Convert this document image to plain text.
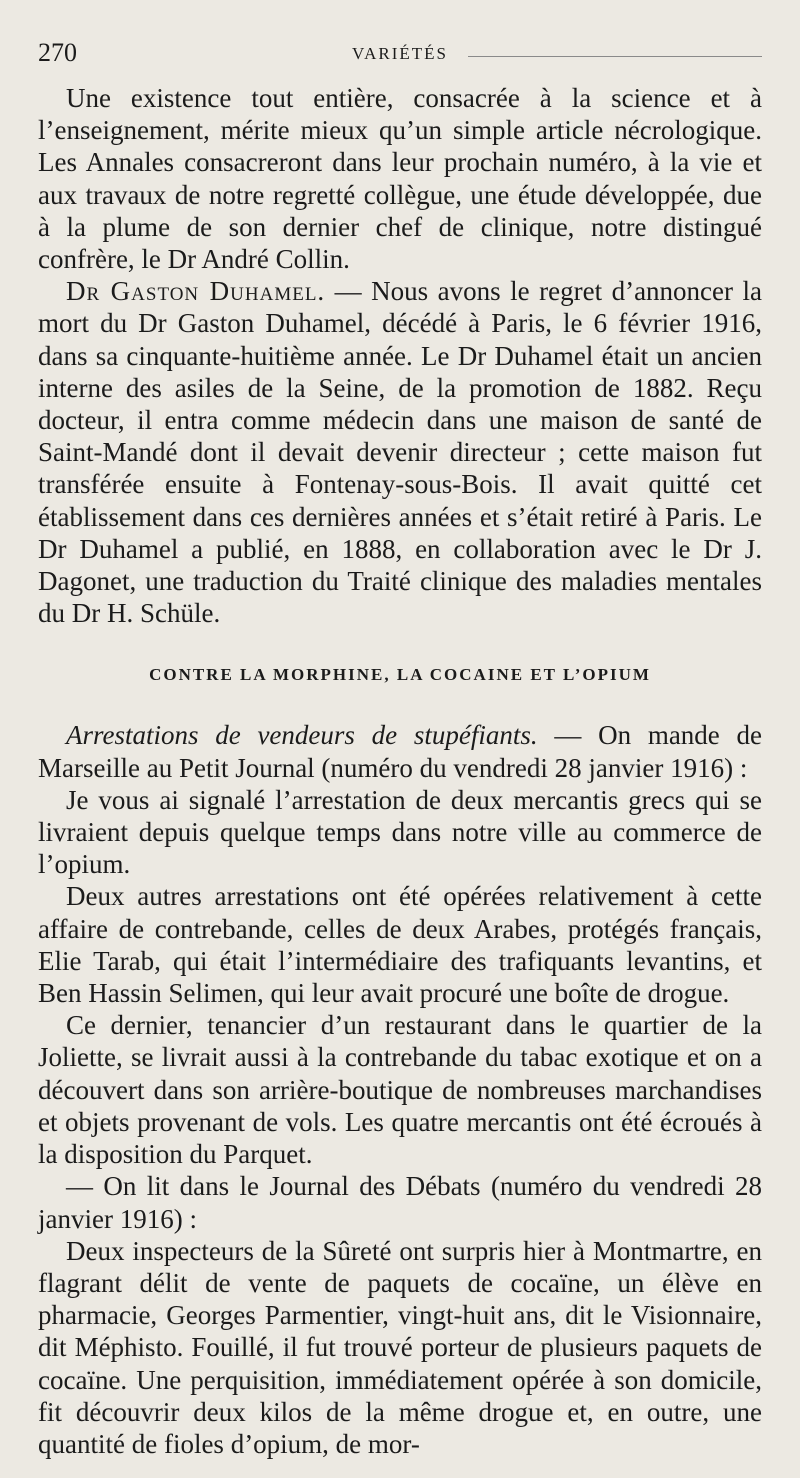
270	VARIÉTÉS

Une existence tout entière, consacrée à la science et à l’enseignement, mérite mieux qu’un simple article nécrologique. Les Annales consacreront dans leur prochain numéro, à la vie et aux travaux de notre regretté collègue, une étude développée, due à la plume de son dernier chef de clinique, notre distingué confrère, le Dr André Collin.

Dr Gaston Duhamel. — Nous avons le regret d’annoncer la mort du Dr Gaston Duhamel, décédé à Paris, le 6 février 1916, dans sa cinquante-huitième année. Le Dr Duhamel était un ancien interne des asiles de la Seine, de la promotion de 1882. Reçu docteur, il entra comme médecin dans une maison de santé de Saint-Mandé dont il devait devenir directeur ; cette maison fut transférée ensuite à Fontenay-sous-Bois. Il avait quitté cet établissement dans ces dernières années et s’était retiré à Paris. Le Dr Duhamel a publié, en 1888, en collaboration avec le Dr J. Dagonet, une traduction du Traité clinique des maladies mentales du Dr H. Schüle.

CONTRE LA MORPHINE, LA COCAINE ET L’OPIUM

Arrestations de vendeurs de stupéfiants. — On mande de Marseille au Petit Journal (numéro du vendredi 28 janvier 1916) :

Je vous ai signalé l’arrestation de deux mercantis grecs qui se livraient depuis quelque temps dans notre ville au commerce de l’opium.

Deux autres arrestations ont été opérées relativement à cette affaire de contrebande, celles de deux Arabes, protégés français, Elie Tarab, qui était l’intermédiaire des trafiquants levantins, et Ben Hassin Selimen, qui leur avait procuré une boîte de drogue.

Ce dernier, tenancier d’un restaurant dans le quartier de la Joliette, se livrait aussi à la contrebande du tabac exotique et on a découvert dans son arrière-boutique de nombreuses marchandises et objets provenant de vols. Les quatre mercantis ont été écroués à la disposition du Parquet.

— On lit dans le Journal des Débats (numéro du vendredi 28 janvier 1916) :

Deux inspecteurs de la Sûreté ont surpris hier à Montmartre, en flagrant délit de vente de paquets de cocaïne, un élève en pharmacie, Georges Parmentier, vingt-huit ans, dit le Visionnaire, dit Méphisto. Fouillé, il fut trouvé porteur de plusieurs paquets de cocaïne. Une perquisition, immédiatement opérée à son domicile, fit découvrir deux kilos de la même drogue et, en outre, une quantité de fioles d’opium, de mor-
